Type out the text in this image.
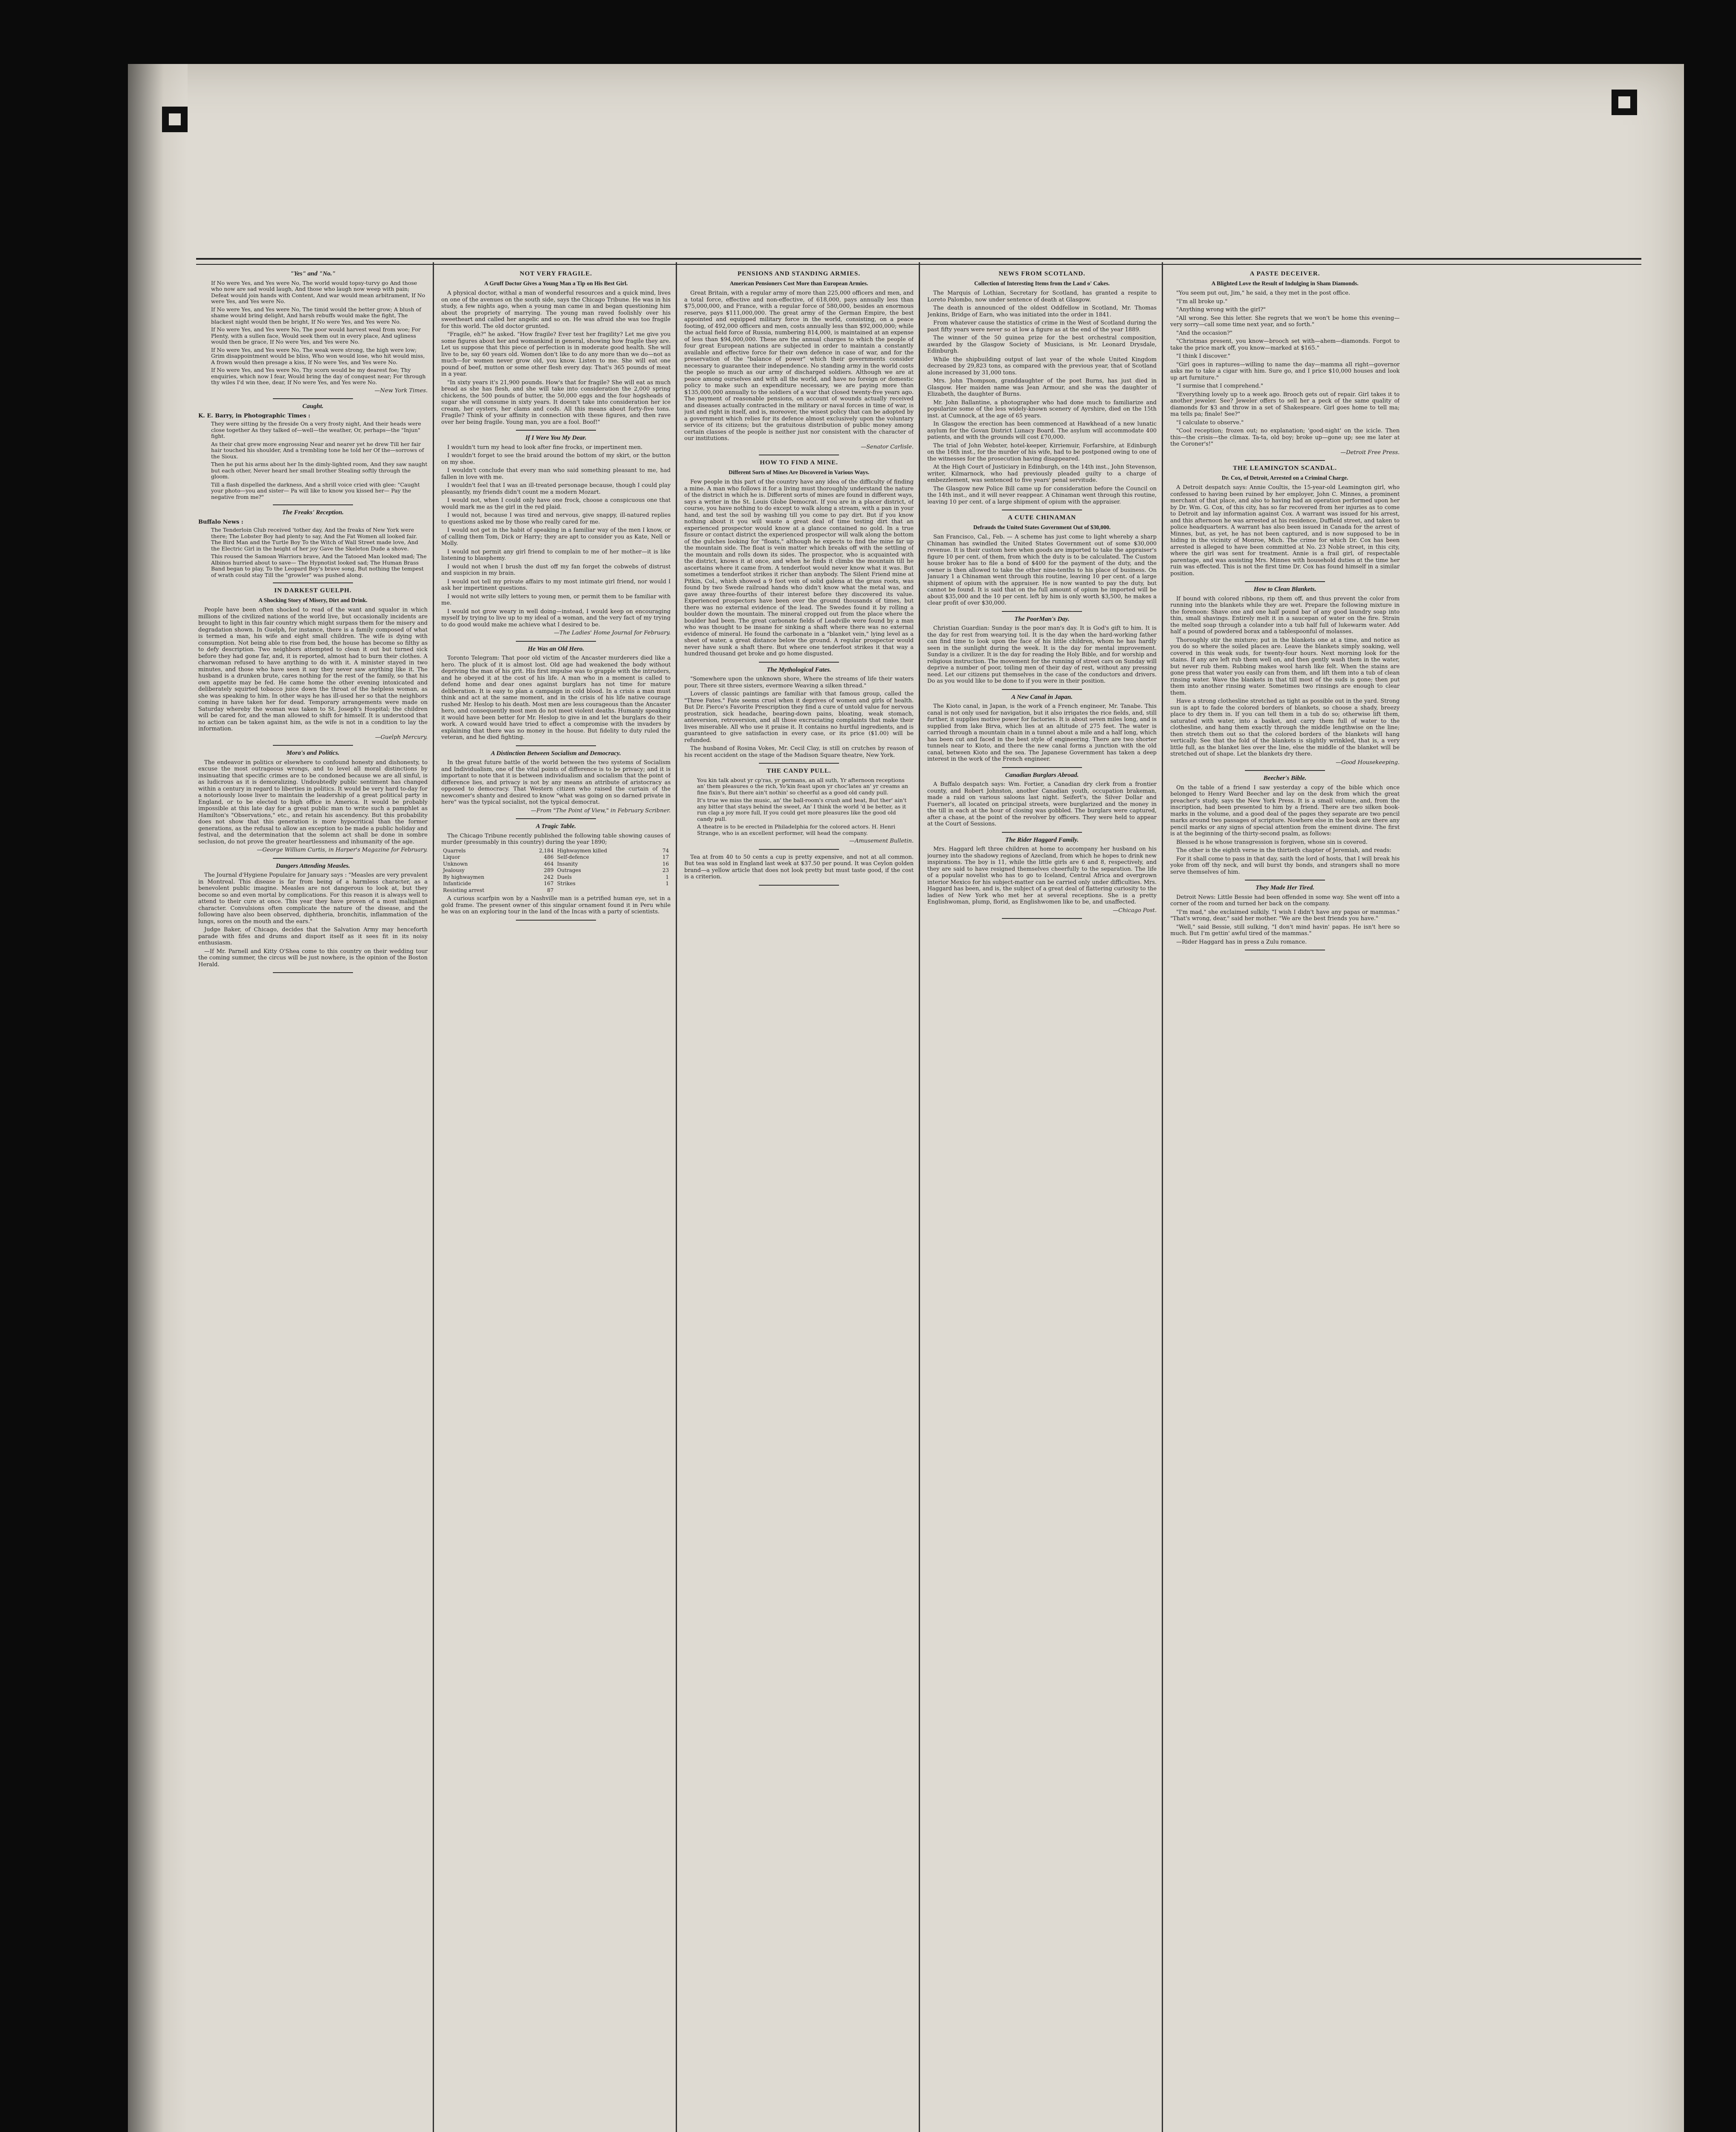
"Yes" and "No."

If No were Yes, and Yes were No, The world would topsy-turvy go And those who now are sad would laugh, And those who laugh now weep with pain; Defeat would join hands with Content, And war would mean arbitrament, If No were Yes, and Yes were No.

If No were Yes, and Yes were No, The timid would the better grow; A blush of shame would bring delight, And harsh rebuffs would make the fight, The blackest night would then be bright, If No were Yes, and Yes were No.

If No were Yes, and Yes were No, The poor would harvest weal from woe; For Plenty, with a sullen face, Would seek them out in every place, And ugliness would then be grace, If No were Yes, and Yes were No.

If No were Yes, and Yes were No, The weak were strong, the high were low; Grim disappointment would be bliss, Who won would lose, who hit would miss, A frown would then presage a kiss, If No were Yes, and Yes were No.

If No were Yes, and Yes were No, Thy scorn would be my dearest foe; Thy enquiries, which now I fear, Would bring the day of conquest near; For through thy wiles I'd win thee, dear, If No were Yes, and Yes were No.

—New York Times.

Caught.

K. E. Barry, in Photographic Times :

They were sitting by the fireside On a very frosty night, And their heads were close together As they talked of—well—the weather, Or, perhaps—the "Injun" fight.

As their chat grew more engrossing Near and nearer yet he drew Till her fair hair touched his shoulder, And a trembling tone he told her Of the—sorrows of the Sioux.

Then he put his arms about her In the dimly-lighted room, And they saw naught but each other, Never heard her small brother Stealing softly through the gloom.

Till a flash dispelled the darkness, And a shrill voice cried with glee: "Caught your photo—you and sister— Pa will like to know you kissed her— Pay the negative from me?"

The Freaks' Reception.

Buffalo News :

The Tenderloin Club received 'tother day, And the freaks of New York were there; The Lobster Boy had plenty to say, And the Fat Women all looked fair. The Bird Man and the Turtle Boy To the Witch of Wall Street made love, And the Electric Girl in the height of her joy Gave the Skeleton Dude a shove.

This roused the Samoan Warriors brave, And the Tatooed Man looked mad; The Albinos hurried about to save— The Hypnotist looked sad; The Human Brass Band began to play, To the Leopard Boy's brave song, But nothing the tempest of wrath could stay Till the "growler" was pushed along.

IN DARKEST GUELPH.
A Shocking Story of Misery, Dirt and Drink.

People have been often shocked to read of the want and squalor in which millions of the civilized nations of the world live, but occasionally incidents are brought to light in this fair country which might surpass them for the misery and degradation shown. In Guelph, for instance, there is a family composed of what is termed a man, his wife and eight small children. The wife is dying with consumption. Not being able to rise from bed, the house has become so filthy as to defy description. Two neighbors attempted to clean it out but turned sick before they had gone far, and, it is reported, almost had to burn their clothes. A charwoman refused to have anything to do with it. A minister stayed in two minutes, and those who have seen it say they never saw anything like it. The husband is a drunken brute, cares nothing for the rest of the family, so that his own appetite may be fed. He came home the other evening intoxicated and deliberately squirted tobacco juice down the throat of the helpless woman, as she was speaking to him. In other ways he has ill-used her so that the neighbors coming in have taken her for dead. Temporary arrangements were made on Saturday whereby the woman was taken to St. Joseph's Hospital; the children will be cared for, and the man allowed to shift for himself. It is understood that no action can be taken against him, as the wife is not in a condition to lay the information.

—Guelph Mercury.

Mora's and Politics.

The endeavor in politics or elsewhere to confound honesty and dishonesty, to excuse the most outrageous wrongs, and to level all moral distinctions by insinuating that specific crimes are to be condoned because we are all sinful, is as ludicrous as it is demoralizing. Undoubtedly public sentiment has changed within a century in regard to liberties in politics. It would be very hard to-day for a notoriously loose liver to maintain the leadership of a great political party in England, or to be elected to high office in America. It would be probably impossible at this late day for a great public man to write such a pamphlet as Hamilton's "Observations," etc., and retain his ascendency. But this probability does not show that this generation is more hypocritical than the former generations, as the refusal to allow an exception to be made a public holiday and festival, and the determination that the solemn act shall be done in sombre seclusion, do not prove the greater heartlessness and inhumanity of the age.

—George William Curtis, in Harper's Magazine for February.

Dangers Attending Measles.

The Journal d'Hygiene Populaire for January says : "Measles are very prevalent in Montreal. This disease is far from being of a harmless character, as a benevolent public imagine. Measles are not dangerous to look at, but they become so and even mortal by complications. For this reason it is always well to attend to their cure at once. This year they have proven of a most malignant character. Convulsions often complicate the nature of the disease, and the following have also been observed, diphtheria, bronchitis, inflammation of the lungs, sores on the mouth and the ears."

Judge Baker, of Chicago, decides that the Salvation Army may henceforth parade with fifes and drums and disport itself as it sees fit in its noisy enthusiasm.

—If Mr. Parnell and Kitty O'Shea come to this country on their wedding tour the coming summer, the circus will be just nowhere, is the opinion of the Boston Herald.

NOT VERY FRAGILE.
A Gruff Doctor Gives a Young Man a Tip on His Best Girl.

A physical doctor, withal a man of wonderful resources and a quick mind, lives on one of the avenues on the south side, says the Chicago Tribune. He was in his study, a few nights ago, when a young man came in and began questioning him about the propriety of marrying. The young man raved foolishly over his sweetheart and called her angelic and so on. He was afraid she was too fragile for this world. The old doctor grunted.

"Fragile, eh?" he asked. "How fragile? Ever test her fragility? Let me give you some figures about her and womankind in general, showing how fragile they are. Let us suppose that this piece of perfection is in moderate good health. She will live to be, say 60 years old. Women don't like to do any more than we do—not as much—for women never grow old, you know. Listen to me. She will eat one pound of beef, mutton or some other flesh every day. That's 365 pounds of meat in a year.

"In sixty years it's 21,900 pounds. How's that for fragile? She will eat as much bread as she has flesh, and she will take into consideration the 2,000 spring chickens, the 500 pounds of butter, the 50,000 eggs and the four hogsheads of sugar she will consume in sixty years. It doesn't take into consideration her ice cream, her oysters, her clams and cods. All this means about forty-five tons. Fragile? Think of your affinity in connection with these figures, and then rave over her being fragile. Young man, you are a fool. Boof!"

If I Were You My Dear.

I wouldn't turn my head to look after fine frocks, or impertinent men.

I wouldn't forget to see the braid around the bottom of my skirt, or the button on my shoe.

I wouldn't conclude that every man who said something pleasant to me, had fallen in love with me.

I wouldn't feel that I was an ill-treated personage because, though I could play pleasantly, my friends didn't count me a modern Mozart.

I would not, when I could only have one frock, choose a conspicuous one that would mark me as the girl in the red plaid.

I would not, because I was tired and nervous, give snappy, ill-natured replies to questions asked me by those who really cared for me.

I would not get in the habit of speaking in a familiar way of the men I know, or of calling them Tom, Dick or Harry; they are apt to consider you as Kate, Nell or Molly.

I would not permit any girl friend to complain to me of her mother—it is like listening to blasphemy.

I would not when I brush the dust off my fan forget the cobwebs of distrust and suspicion in my brain.

I would not tell my private affairs to my most intimate girl friend, nor would I ask her impertinent questions.

I would not write silly letters to young men, or permit them to be familiar with me.

I would not grow weary in well doing—instead, I would keep on encouraging myself by trying to live up to my ideal of a woman, and the very fact of my trying to do good would make me achieve what I desired to be.

—The Ladies' Home Journal for February.

He Was an Old Hero.

Toronto Telegram: That poor old victim of the Ancaster murderers died like a hero. The pluck of it is almost lost. Old age had weakened the body without depriving the man of his grit. His first impulse was to grapple with the intruders, and he obeyed it at the cost of his life. A man who in a moment is called to defend home and dear ones against burglars has not time for mature deliberation. It is easy to plan a campaign in cold blood. In a crisis a man must think and act at the same moment, and in the crisis of his life native courage rushed Mr. Heslop to his death. Most men are less courageous than the Ancaster hero, and consequently most men do not meet violent deaths. Humanly speaking it would have been better for Mr. Heslop to give in and let the burglars do their work. A coward would have tried to effect a compromise with the invaders by explaining that there was no money in the house. But fidelity to duty ruled the veteran, and he died fighting.

A Distinction Between Socialism and Democracy.

In the great future battle of the world between the two systems of Socialism and Individualism, one of the vital points of difference is to be privacy; and it is important to note that it is between individualism and socialism that the point of difference lies, and privacy is not by any means an attribute of aristocracy as opposed to democracy. That Western citizen who raised the curtain of the newcomer's shanty and desired to know "what was going on so darned private in here" was the typical socialist, not the typical democrat.

—From "The Point of View," in February Scribner.

A Tragic Table.

The Chicago Tribune recently published the following table showing causes of murder (presumably in this country) during the year 1890;

Quarrels	2,184	Highwaymen killed	74
Liquor	486	Self-defence	17
Unknown	464	Insanity	16
Jealousy	289	Outrages	23
By highwaymen	242	Duels	1
Infanticide	167	Strikes	1
Resisting arrest	87		

A curious scarfpin won by a Nashville man is a petrified human eye, set in a gold frame. The present owner of this singular ornament found it in Peru while he was on an exploring tour in the land of the Incas with a party of scientists.

PENSIONS AND STANDING ARMIES.
American Pensioners Cost More than European Armies.

Great Britain, with a regular army of more than 225,000 officers and men, and a total force, effective and non-effective, of 618,000, pays annually less than $75,000,000, and France, with a regular force of 580,000, besides an enormous reserve, pays $111,000,000. The great army of the German Empire, the best appointed and equipped military force in the world, consisting, on a peace footing, of 492,000 officers and men, costs annually less than $92,000,000; while the actual field force of Russia, numbering 814,000, is maintained at an expense of less than $94,000,000. These are the annual charges to which the people of four great European nations are subjected in order to maintain a constantly available and effective force for their own defence in case of war, and for the preservation of the "balance of power" which their governments consider necessary to guarantee their independence. No standing army in the world costs the people so much as our army of discharged soldiers. Although we are at peace among ourselves and with all the world, and have no foreign or domestic policy to make such an expenditure necessary, we are paying more than $135,000,000 annually to the soldiers of a war that closed twenty-five years ago. The payment of reasonable pensions, on account of wounds actually received and diseases actually contracted in the military or naval forces in time of war, is just and right in itself, and is, moreover, the wisest policy that can be adopted by a government which relies for its defence almost exclusively upon the voluntary service of its citizens; but the gratuitous distribution of public money among certain classes of the people is neither just nor consistent with the character of our institutions.

—Senator Carlisle.

HOW TO FIND A MINE.
Different Sorts of Mines Are Discovered in Various Ways.

Few people in this part of the country have any idea of the difficulty of finding a mine. A man who follows it for a living must thoroughly understand the nature of the district in which he is. Different sorts of mines are found in different ways, says a writer in the St. Louis Globe Democrat. If you are in a placer district, of course, you have nothing to do except to walk along a stream, with a pan in your hand, and test the soil by washing till you come to pay dirt. But if you know nothing about it you will waste a great deal of time testing dirt that an experienced prospector would know at a glance contained no gold. In a true fissure or contact district the experienced prospector will walk along the bottom of the gulches looking for "floats," although he expects to find the mine far up the mountain side. The float is vein matter which breaks off with the settling of the mountain and rolls down its sides. The prospector, who is acquainted with the district, knows it at once, and when he finds it climbs the mountain till he ascertains where it came from. A tenderfoot would never know what it was. But sometimes a tenderfoot strikes it richer than anybody. The Silent Friend mine at Pitkin, Col., which showed a 9 foot vein of solid galena at the grass roots, was found by two Swede railroad hands who didn't know what the metal was, and gave away three-fourths of their interest before they discovered its value. Experienced prospectors have been over the ground thousands of times, but there was no external evidence of the lead. The Swedes found it by rolling a boulder down the mountain. The mineral cropped out from the place where the boulder had been. The great carbonate fields of Leadville were found by a man who was thought to be insane for sinking a shaft where there was no external evidence of mineral. He found the carbonate in a "blanket vein," lying level as a sheet of water, a great distance below the ground. A regular prospector would never have sunk a shaft there. But where one tenderfoot strikes it that way a hundred thousand get broke and go home disgusted.

The Mythological Fates.

"Somewhere upon the unknown shore, Where the streams of life their waters pour, There sit three sisters, evermore Weaving a silken thread."

Lovers of classic paintings are familiar with that famous group, called the "Three Fates." Fate seems cruel when it deprives of women and girls of health. But Dr. Pierce's Favorite Prescription they find a cure of untold value for nervous prostration, sick headache, bearing-down pains, bloating, weak stomach, anteversion, retroversion, and all those excruciating complaints that make their lives miserable. All who use it praise it. It contains no hurtful ingredients, and is guaranteed to give satisfaction in every case, or its price ($1.00) will be refunded.

The husband of Rosina Vokes, Mr. Cecil Clay, is still on crutches by reason of his recent accident on the stage of the Madison Square theatre, New York.

THE CANDY PULL.

You kin talk about yr cp'ras, yr germans, an all suth, Yr afternoon receptions an' them pleasures o the rich, Yo'kin feast upon yr choc'lates an' yr creams an fine fixin's, But there ain't nothin' so cheerful as a good old candy pull.

It's true we miss the music, an' the ball-room's crush and heat, But ther' ain't any bitter that stays behind the sweet, An' I think the world 'd be better, as it run clap a joy more full, If you could get more pleasures like the good old candy pull.

A theatre is to be erected in Philadelphia for the colored actors. H. Henri Strange, who is an excellent performer, will head the company.

—Amusement Bulletin.

Tea at from 40 to 50 cents a cup is pretty expensive, and not at all common. But tea was sold in England last week at $37.50 per pound. It was Ceylon golden brand—a yellow article that does not look pretty but must taste good, if the cost is a criterion.

NEWS FROM SCOTLAND.
Collection of Interesting Items from the Land o' Cakes.

The Marquis of Lothian, Secretary for Scotland, has granted a respite to Loreto Palombo, now under sentence of death at Glasgow.

The death is announced of the oldest Oddfellow in Scotland, Mr. Thomas Jenkins, Bridge of Earn, who was initiated into the order in 1841.

From whatever cause the statistics of crime in the West of Scotland during the past fifty years were never so at low a figure as at the end of the year 1889.

The winner of the 50 guinea prize for the best orchestral composition, awarded by the Glasgow Society of Musicians, is Mr. Leonard Drysdale, Edinburgh.

While the shipbuilding output of last year of the whole United Kingdom decreased by 29,823 tons, as compared with the previous year, that of Scotland alone increased by 31,000 tons.

Mrs. John Thompson, granddaughter of the poet Burns, has just died in Glasgow. Her maiden name was Jean Armour, and she was the daughter of Elizabeth, the daughter of Burns.

Mr. John Ballantine, a photographer who had done much to familiarize and popularize some of the less widely-known scenery of Ayrshire, died on the 15th inst. at Cumnock, at the age of 65 years.

In Glasgow the erection has been commenced at Hawkhead of a new lunatic asylum for the Govan District Lunacy Board. The asylum will accommodate 400 patients, and with the grounds will cost £70,000.

The trial of John Webster, hotel-keeper, Kirriemuir, Forfarshire, at Edinburgh on the 16th inst., for the murder of his wife, had to be postponed owing to one of the witnesses for the prosecution having disappeared.

At the High Court of Justiciary in Edinburgh, on the 14th inst., John Stevenson, writer, Kilmarnock, who had previously pleaded guilty to a charge of embezzlement, was sentenced to five years' penal servitude.

The Glasgow new Police Bill came up for consideration before the Council on the 14th inst., and it will never reappear. A Chinaman went through this routine, leaving 10 per cent. of a large shipment of opium with the appraiser.

A CUTE CHINAMAN
Defrauds the United States Government Out of $30,000.

San Francisco, Cal., Feb. — A scheme has just come to light whereby a sharp Chinaman has swindled the United States Government out of some $30,000 revenue. It is their custom here when goods are imported to take the appraiser's figure 10 per cent. of them, from which the duty is to be calculated. The Custom house broker has to file a bond of $400 for the payment of the duty, and the owner is then allowed to take the other nine-tenths to his place of business. On January 1 a Chinaman went through this routine, leaving 10 per cent. of a large shipment of opium with the appraiser. He is now wanted to pay the duty, but cannot be found. It is said that on the full amount of opium he imported will be about $35,000 and the 10 per cent. left by him is only worth $3,500, he makes a clear profit of over $30,000.

The PoorMan's Day.

Christian Guardian: Sunday is the poor man's day. It is God's gift to him. It is the day for rest from wearying toil. It is the day when the hard-working father can find time to look upon the face of his little children, whom he has hardly seen in the sunlight during the week. It is the day for mental improvement. Sunday is a civilizer. It is the day for reading the Holy Bible, and for worship and religious instruction. The movement for the running of street cars on Sunday will deprive a number of poor, toiling men of their day of rest, without any pressing need. Let our citizens put themselves in the case of the conductors and drivers. Do as you would like to be done to if you were in their position.

A New Canal in Japan.

The Kioto canal, in Japan, is the work of a French engineer, Mr. Tanabe. This canal is not only used for navigation, but it also irrigates the rice fields, and, still further, it supplies motive power for factories. It is about seven miles long, and is supplied from lake Birva, which lies at an altitude of 275 feet. The water is carried through a mountain chain in a tunnel about a mile and a half long, which has been cut and faced in the best style of engineering. There are two shorter tunnels near to Kioto, and there the new canal forms a junction with the old canal, between Kioto and the sea. The Japanese Government has taken a deep interest in the work of the French engineer.

Canadian Burglars Abroad.

A Buffalo despatch says: Wm. Fortier, a Canadian dry clerk from a frontier county, and Robert Johnston, another Canadian youth, occupation brakeman, made a raid on various saloons last night. Seifert's, the Silver Dollar and Fuerner's, all located on principal streets, were burglarized and the money in the till in each at the hour of closing was gobbled. The burglars were captured, after a chase, at the point of the revolver by officers. They were held to appear at the Court of Sessions.

The Rider Haggard Family.

Mrs. Haggard left three children at home to accompany her husband on his journey into the shadowy regions of Azecland, from which he hopes to drink new inspirations. The boy is 11, while the little girls are 6 and 8, respectively, and they are said to have resigned themselves cheerfully to the separation. The life of a popular novelist who has to go to Iceland, Central Africa and overgrown interior Mexico for his subject-matter can be carried only under difficulties. Mrs. Haggard has been, and is, the subject of a great deal of flattering curiosity to the ladies of New York who met her at several receptions. She is a pretty Englishwoman, plump, florid, as Englishwomen like to be, and unaffected.

—Chicago Post.

A PASTE DECEIVER.
A Blighted Love the Result of Indulging in Sham Diamonds.

"You seem put out, Jim," he said, a they met in the post office.

"I'm all broke up."

"Anything wrong with the girl?"

"All wrong. See this letter. She regrets that we won't be home this evening—very sorry—call some time next year, and so forth."

"And the occasion?"

"Christmas present, you know—brooch set with—ahem—diamonds. Forgot to take the price mark off, you know—marked at $165."

"I think I discover."

"Girl goes in raptures—willing to name the day—mamma all right—governor asks me to take a cigar with him. Sure go, and I price $10,000 houses and look up art furniture."

"I surmise that I comprehend."

"Everything lovely up to a week ago. Brooch gets out of repair. Girl takes it to another jeweler. See? Jeweler offers to sell her a peck of the same quality of diamonds for $3 and throw in a set of Shakespeare. Girl goes home to tell ma; ma tells pa; finale! See?"

"I calculate to observe."

"Cool reception; frozen out; no explanation; 'good-night' on the icicle. Then this—the crisis—the climax. Ta-ta, old boy; broke up—gone up; see me later at the Coroner's!"

—Detroit Free Press.

THE LEAMINGTON SCANDAL.
Dr. Cox, of Detroit, Arrested on a Criminal Charge.

A Detroit despatch says: Annie Coultis, the 15-year-old Leamington girl, who confessed to having been ruined by her employer, John C. Minnes, a prominent merchant of that place, and also to having had an operation performed upon her by Dr. Wm. G. Cox, of this city, has so far recovered from her injuries as to come to Detroit and lay information against Cox. A warrant was issued for his arrest, and this afternoon he was arrested at his residence, Duffield street, and taken to police headquarters. A warrant has also been issued in Canada for the arrest of Minnes, but, as yet, he has not been captured, and is now supposed to be in hiding in the vicinity of Monroe, Mich. The crime for which Dr. Cox has been arrested is alleged to have been committed at No. 23 Noble street, in this city, where the girl was sent for treatment. Annie is a frail girl, of respectable parentage, and was assisting Mrs. Minnes with household duties at the time her ruin was effected. This is not the first time Dr. Cox has found himself in a similar position.

How to Clean Blankets.

If bound with colored ribbons, rip them off, and thus prevent the color from running into the blankets while they are wet. Prepare the following mixture in the forenoon: Shave one and one half pound bar of any good laundry soap into thin, small shavings. Entirely melt it in a saucepan of water on the fire. Strain the melted soap through a colander into a tub half full of lukewarm water. Add half a pound of powdered borax and a tablespoonful of molasses.

Thoroughly stir the mixture; put in the blankets one at a time, and notice as you do so where the soiled places are. Leave the blankets simply soaking, well covered in this weak suds, for twenty-four hours. Next morning look for the stains. If any are left rub them well on, and then gently wash them in the water, but never rub them. Rubbing makes wool harsh like felt. When the stains are gone press that water you easily can from them, and lift them into a tub of clean rinsing water. Wave the blankets in that till most of the suds is gone; then put them into another rinsing water. Sometimes two rinsings are enough to clear them.

Have a strong clothesline stretched as tight as possible out in the yard. Strong sun is apt to fade the colored borders of blankets, so choose a shady, breezy place to dry them in. If you can tell them in a tub do so; otherwise lift them, saturated with water, into a basket, and carry them full of water to the clothesline, and hang them exactly through the middle lengthwise on the line; then stretch them out so that the colored borders of the blankets will hang vertically. See that the fold of the blankets is slightly wrinkled, that is, a very little full, as the blanket lies over the line, else the middle of the blanket will be stretched out of shape. Let the blankets dry there.

—Good Housekeeping.

Beecher's Bible.

On the table of a friend I saw yesterday a copy of the bible which once belonged to Henry Ward Beecher and lay on the desk from which the great preacher's study, says the New York Press. It is a small volume, and, from the inscription, had been presented to him by a friend. There are two silken book-marks in the volume, and a good deal of the pages they separate are two pencil marks around two passages of scripture. Nowhere else in the book are there any pencil marks or any signs of special attention from the eminent divine. The first is at the beginning of the thirty-second psalm, as follows:

Blessed is he whose transgression is forgiven, whose sin is covered.

The other is the eighth verse in the thirtieth chapter of Jeremiah, and reads:

For it shall come to pass in that day, saith the lord of hosts, that I will break his yoke from off thy neck, and will burst thy bonds, and strangers shall no more serve themselves of him.

They Made Her Tired.

Detroit News: Little Bessie had been offended in some way. She went off into a corner of the room and turned her back on the company.

"I'm mad," she exclaimed sulkily. "I wish I didn't have any papas or mammas." "That's wrong, dear," said her mother. "We are the best friends you have."

"Well," said Bessie, still sulking, "I don't mind havin' papas. He isn't here so much. But I'm gettin' awful tired of the mammas."

—Rider Haggard has in press a Zulu romance.
